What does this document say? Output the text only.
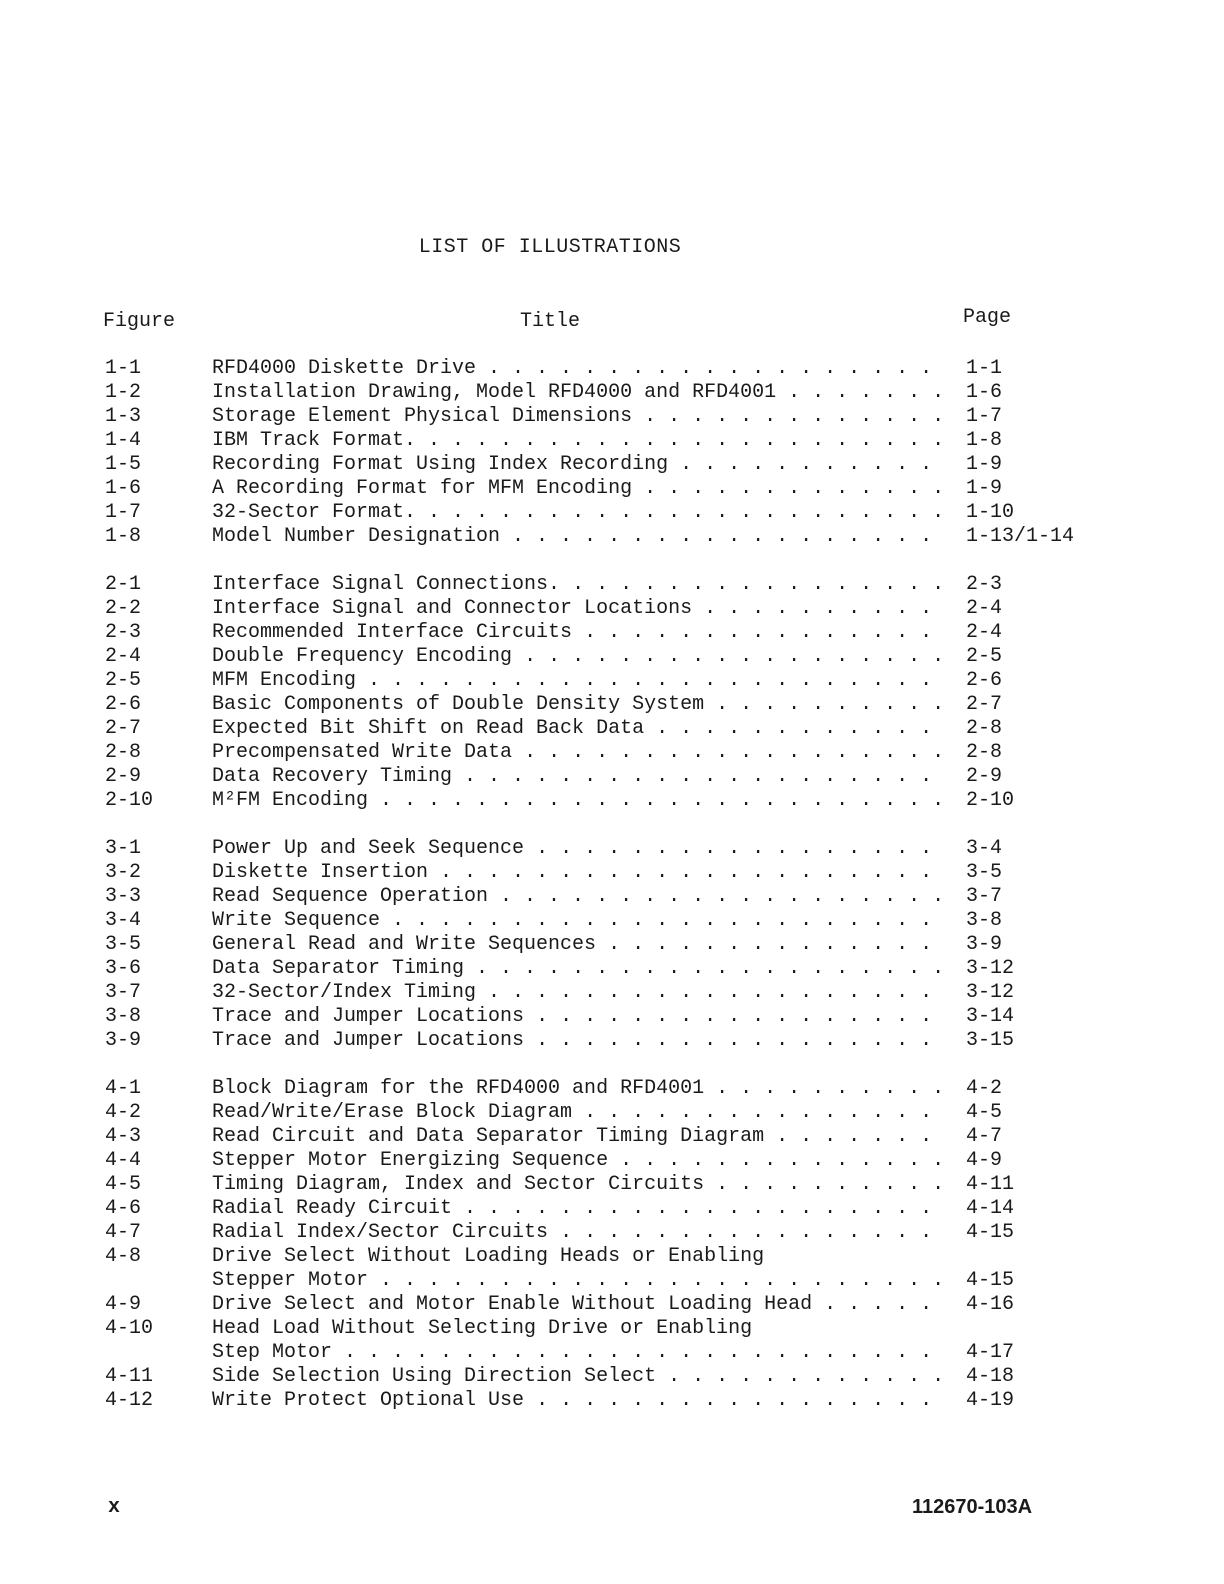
LIST OF ILLUSTRATIONS
Figure	Title	Page
1-1	RFD4000 Diskette Drive . . .	1-1
1-2	Installation Drawing, Model RFD4000 and RFD4001 . . .	1-6
1-3	Storage Element Physical Dimensions . . .	1-7
1-4	IBM Track Format. . . .	1-8
1-5	Recording Format Using Index Recording . . .	1-9
1-6	A Recording Format for MFM Encoding . . .	1-9
1-7	32-Sector Format. . . .	1-10
1-8	Model Number Designation . . .	1-13/1-14
2-1	Interface Signal Connections. . . .	2-3
2-2	Interface Signal and Connector Locations . . .	2-4
2-3	Recommended Interface Circuits . . .	2-4
2-4	Double Frequency Encoding . . .	2-5
2-5	MFM Encoding . . .	2-6
2-6	Basic Components of Double Density System . . .	2-7
2-7	Expected Bit Shift on Read Back Data . . .	2-8
2-8	Precompensated Write Data . . .	2-8
2-9	Data Recovery Timing . . .	2-9
2-10	M²FM Encoding . . .	2-10
3-1	Power Up and Seek Sequence . . .	3-4
3-2	Diskette Insertion . . .	3-5
3-3	Read Sequence Operation . . .	3-7
3-4	Write Sequence . . .	3-8
3-5	General Read and Write Sequences . . .	3-9
3-6	Data Separator Timing . . .	3-12
3-7	32-Sector/Index Timing . . .	3-12
3-8	Trace and Jumper Locations . . .	3-14
3-9	Trace and Jumper Locations . . .	3-15
4-1	Block Diagram for the RFD4000 and RFD4001 . . .	4-2
4-2	Read/Write/Erase Block Diagram . . .	4-5
4-3	Read Circuit and Data Separator Timing Diagram . . .	4-7
4-4	Stepper Motor Energizing Sequence . . .	4-9
4-5	Timing Diagram, Index and Sector Circuits . . .	4-11
4-6	Radial Ready Circuit . . .	4-14
4-7	Radial Index/Sector Circuits . . .	4-15
4-8	Drive Select Without Loading Heads or Enabling
Stepper Motor . . .	4-15
4-9	Drive Select and Motor Enable Without Loading Head . . .	4-16
4-10	Head Load Without Selecting Drive or Enabling
Step Motor . . .	4-17
4-11	Side Selection Using Direction Select . . .	4-18
4-12	Write Protect Optional Use . . .	4-19
x	112670-103A
